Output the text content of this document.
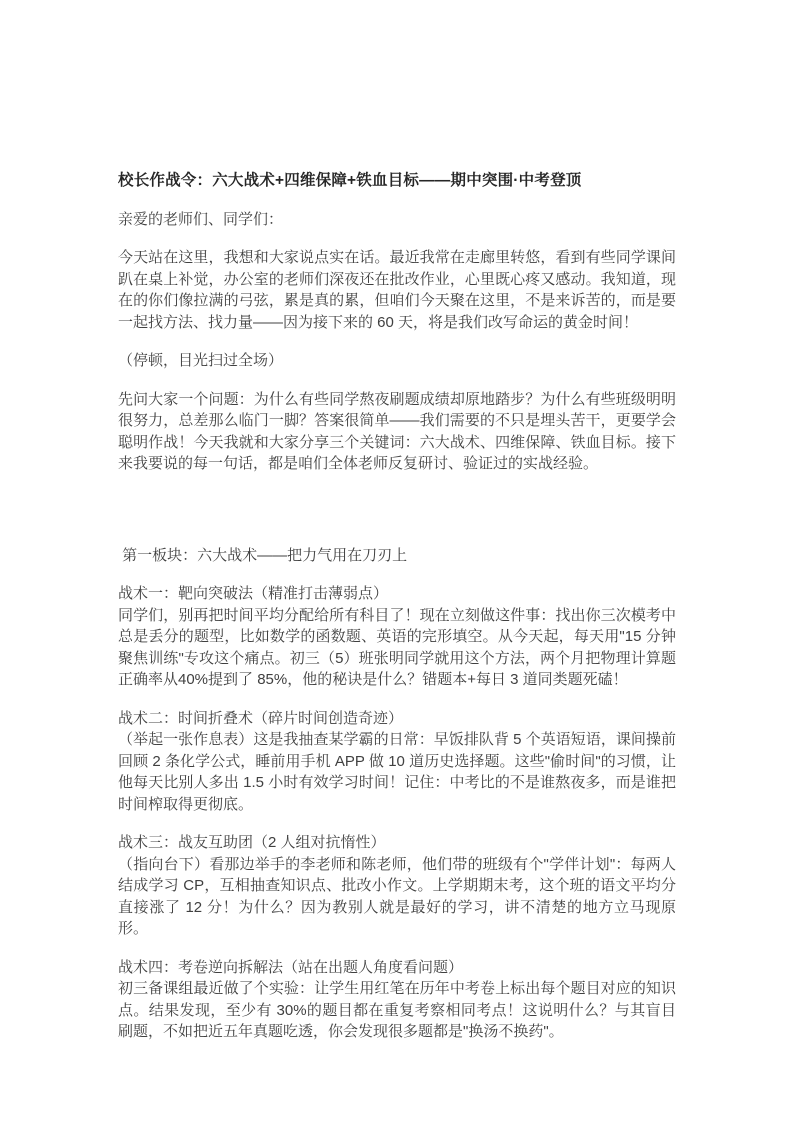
校长作战令：六大战术+四维保障+铁血目标——期中突围·中考登顶
亲爱的老师们、同学们：
今天站在这里，我想和大家说点实在话。最近我常在走廊里转悠，看到有些同学课间趴在桌上补觉，办公室的老师们深夜还在批改作业，心里既心疼又感动。我知道，现在的你们像拉满的弓弦，累是真的累，但咱们今天聚在这里，不是来诉苦的，而是要一起找方法、找力量——因为接下来的 60 天，将是我们改写命运的黄金时间！
（停顿，目光扫过全场）
先问大家一个问题：为什么有些同学熬夜刷题成绩却原地踏步？为什么有些班级明明很努力，总差那么临门一脚？答案很简单——我们需要的不只是埋头苦干，更要学会聪明作战！今天我就和大家分享三个关键词：六大战术、四维保障、铁血目标。接下来我要说的每一句话，都是咱们全体老师反复研讨、验证过的实战经验。
第一板块：六大战术——把力气用在刀刃上
战术一：靶向突破法（精准打击薄弱点）
同学们，别再把时间平均分配给所有科目了！现在立刻做这件事：找出你三次模考中总是丢分的题型，比如数学的函数题、英语的完形填空。从今天起，每天用"15 分钟聚焦训练"专攻这个痛点。初三（5）班张明同学就用这个方法，两个月把物理计算题正确率从40%提到了 85%，他的秘诀是什么？错题本+每日 3 道同类题死磕！
战术二：时间折叠术（碎片时间创造奇迹）
（举起一张作息表）这是我抽查某学霸的日常：早饭排队背 5 个英语短语，课间操前回顾 2 条化学公式，睡前用手机 APP 做 10 道历史选择题。这些"偷时间"的习惯，让他每天比别人多出 1.5 小时有效学习时间！记住：中考比的不是谁熬夜多，而是谁把时间榨取得更彻底。
战术三：战友互助团（2 人组对抗惰性）
（指向台下）看那边举手的李老师和陈老师，他们带的班级有个"学伴计划"：每两人结成学习 CP，互相抽查知识点、批改小作文。上学期期末考，这个班的语文平均分直接涨了 12 分！为什么？因为教别人就是最好的学习，讲不清楚的地方立马现原形。
战术四：考卷逆向拆解法（站在出题人角度看问题）
初三备课组最近做了个实验：让学生用红笔在历年中考卷上标出每个题目对应的知识点。结果发现，至少有 30%的题目都在重复考察相同考点！这说明什么？与其盲目刷题，不如把近五年真题吃透，你会发现很多题都是"换汤不换药"。
